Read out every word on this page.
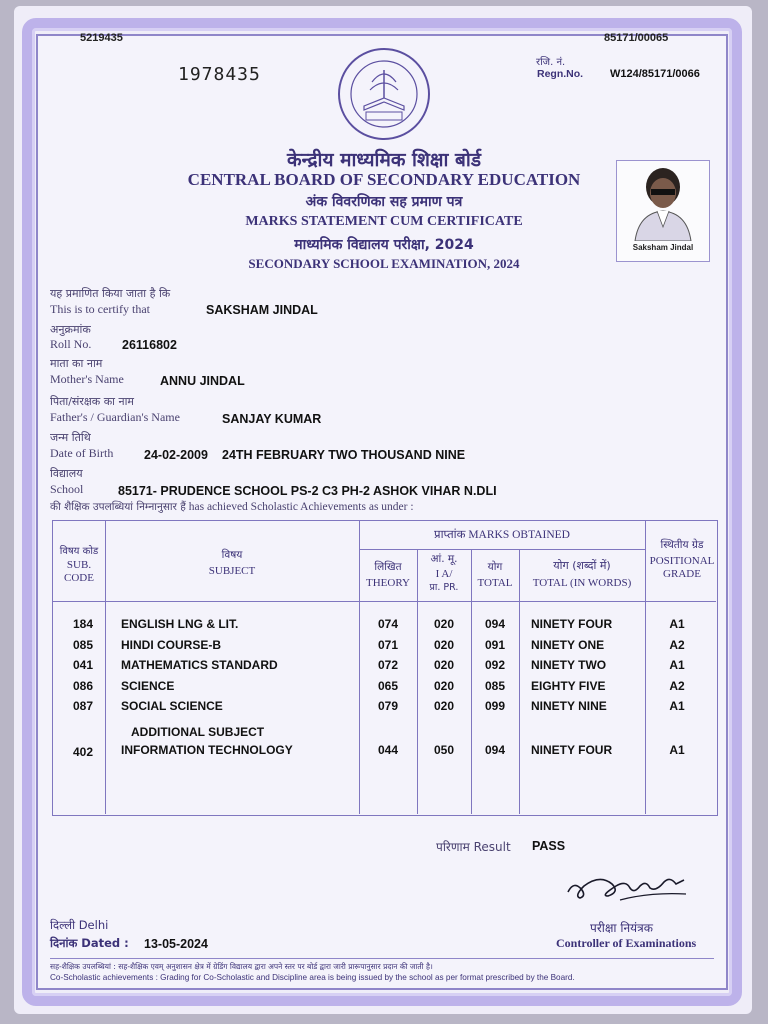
5219435	85171/00065
1978435
रजि. नं.
Regn.No. W124/85171/0066
केन्द्रीय माध्यमिक शिक्षा बोर्ड
CENTRAL BOARD OF SECONDARY EDUCATION
अंक विवरणिका सह प्रमाण पत्र
MARKS STATEMENT CUM CERTIFICATE
माध्यमिक विद्यालय परीक्षा, 2024
SECONDARY SCHOOL EXAMINATION, 2024
Saksham Jindal
यह प्रमाणित किया जाता है कि
This is to certify that	SAKSHAM JINDAL
अनुक्रमांक
Roll No. 26116802
माता का नाम
Mother's Name	ANNU JINDAL
पिता/संरक्षक का नाम
Father's / Guardian's Name	SANJAY KUMAR
जन्म तिथि
Date of Birth 24-02-2009 24TH FEBRUARY TWO THOUSAND NINE
विद्यालय
School	85171- PRUDENCE SCHOOL PS-2 C3 PH-2 ASHOK VIHAR N.DLI
की शैक्षिक उपलब्धियां निम्नानुसार हैं has achieved Scholastic Achievements as under :
विषय कोड
SUB. CODE
विषय
SUBJECT
प्राप्तांक MARKS OBTAINED
लिखित
THEORY
आं. मू.
I A/
प्रा. PR.
योग
TOTAL
योग (शब्दों में)
TOTAL (IN WORDS)
स्थितीय ग्रेड
POSITIONAL GRADE
184	ENGLISH LNG & LIT.	074	020	094	NINETY FOUR	A1
085	HINDI COURSE-B	071	020	091	NINETY ONE	A2
041	MATHEMATICS STANDARD	072	020	092	NINETY TWO	A1
086	SCIENCE	065	020	085	EIGHTY FIVE	A2
087	SOCIAL SCIENCE	079	020	099	NINETY NINE	A1
ADDITIONAL SUBJECT
402	INFORMATION TECHNOLOGY	044	050	094	NINETY FOUR	A1
परिणाम Result PASS
दिल्ली Delhi
दिनांक Dated : 13-05-2024
परीक्षा नियंत्रक
Controller of Examinations
सह-शैक्षिक उपलब्धियां : सह-शैक्षिक एवम् अनुशासन क्षेत्र में ग्रेडिंग विद्यालय द्वारा अपने स्तर पर बोर्ड द्वारा जारी प्रारूपानुसार प्रदान की जाती है।
Co-Scholastic achievements : Grading for Co-Scholastic and Discipline area is being issued by the school as per format prescribed by the Board.
